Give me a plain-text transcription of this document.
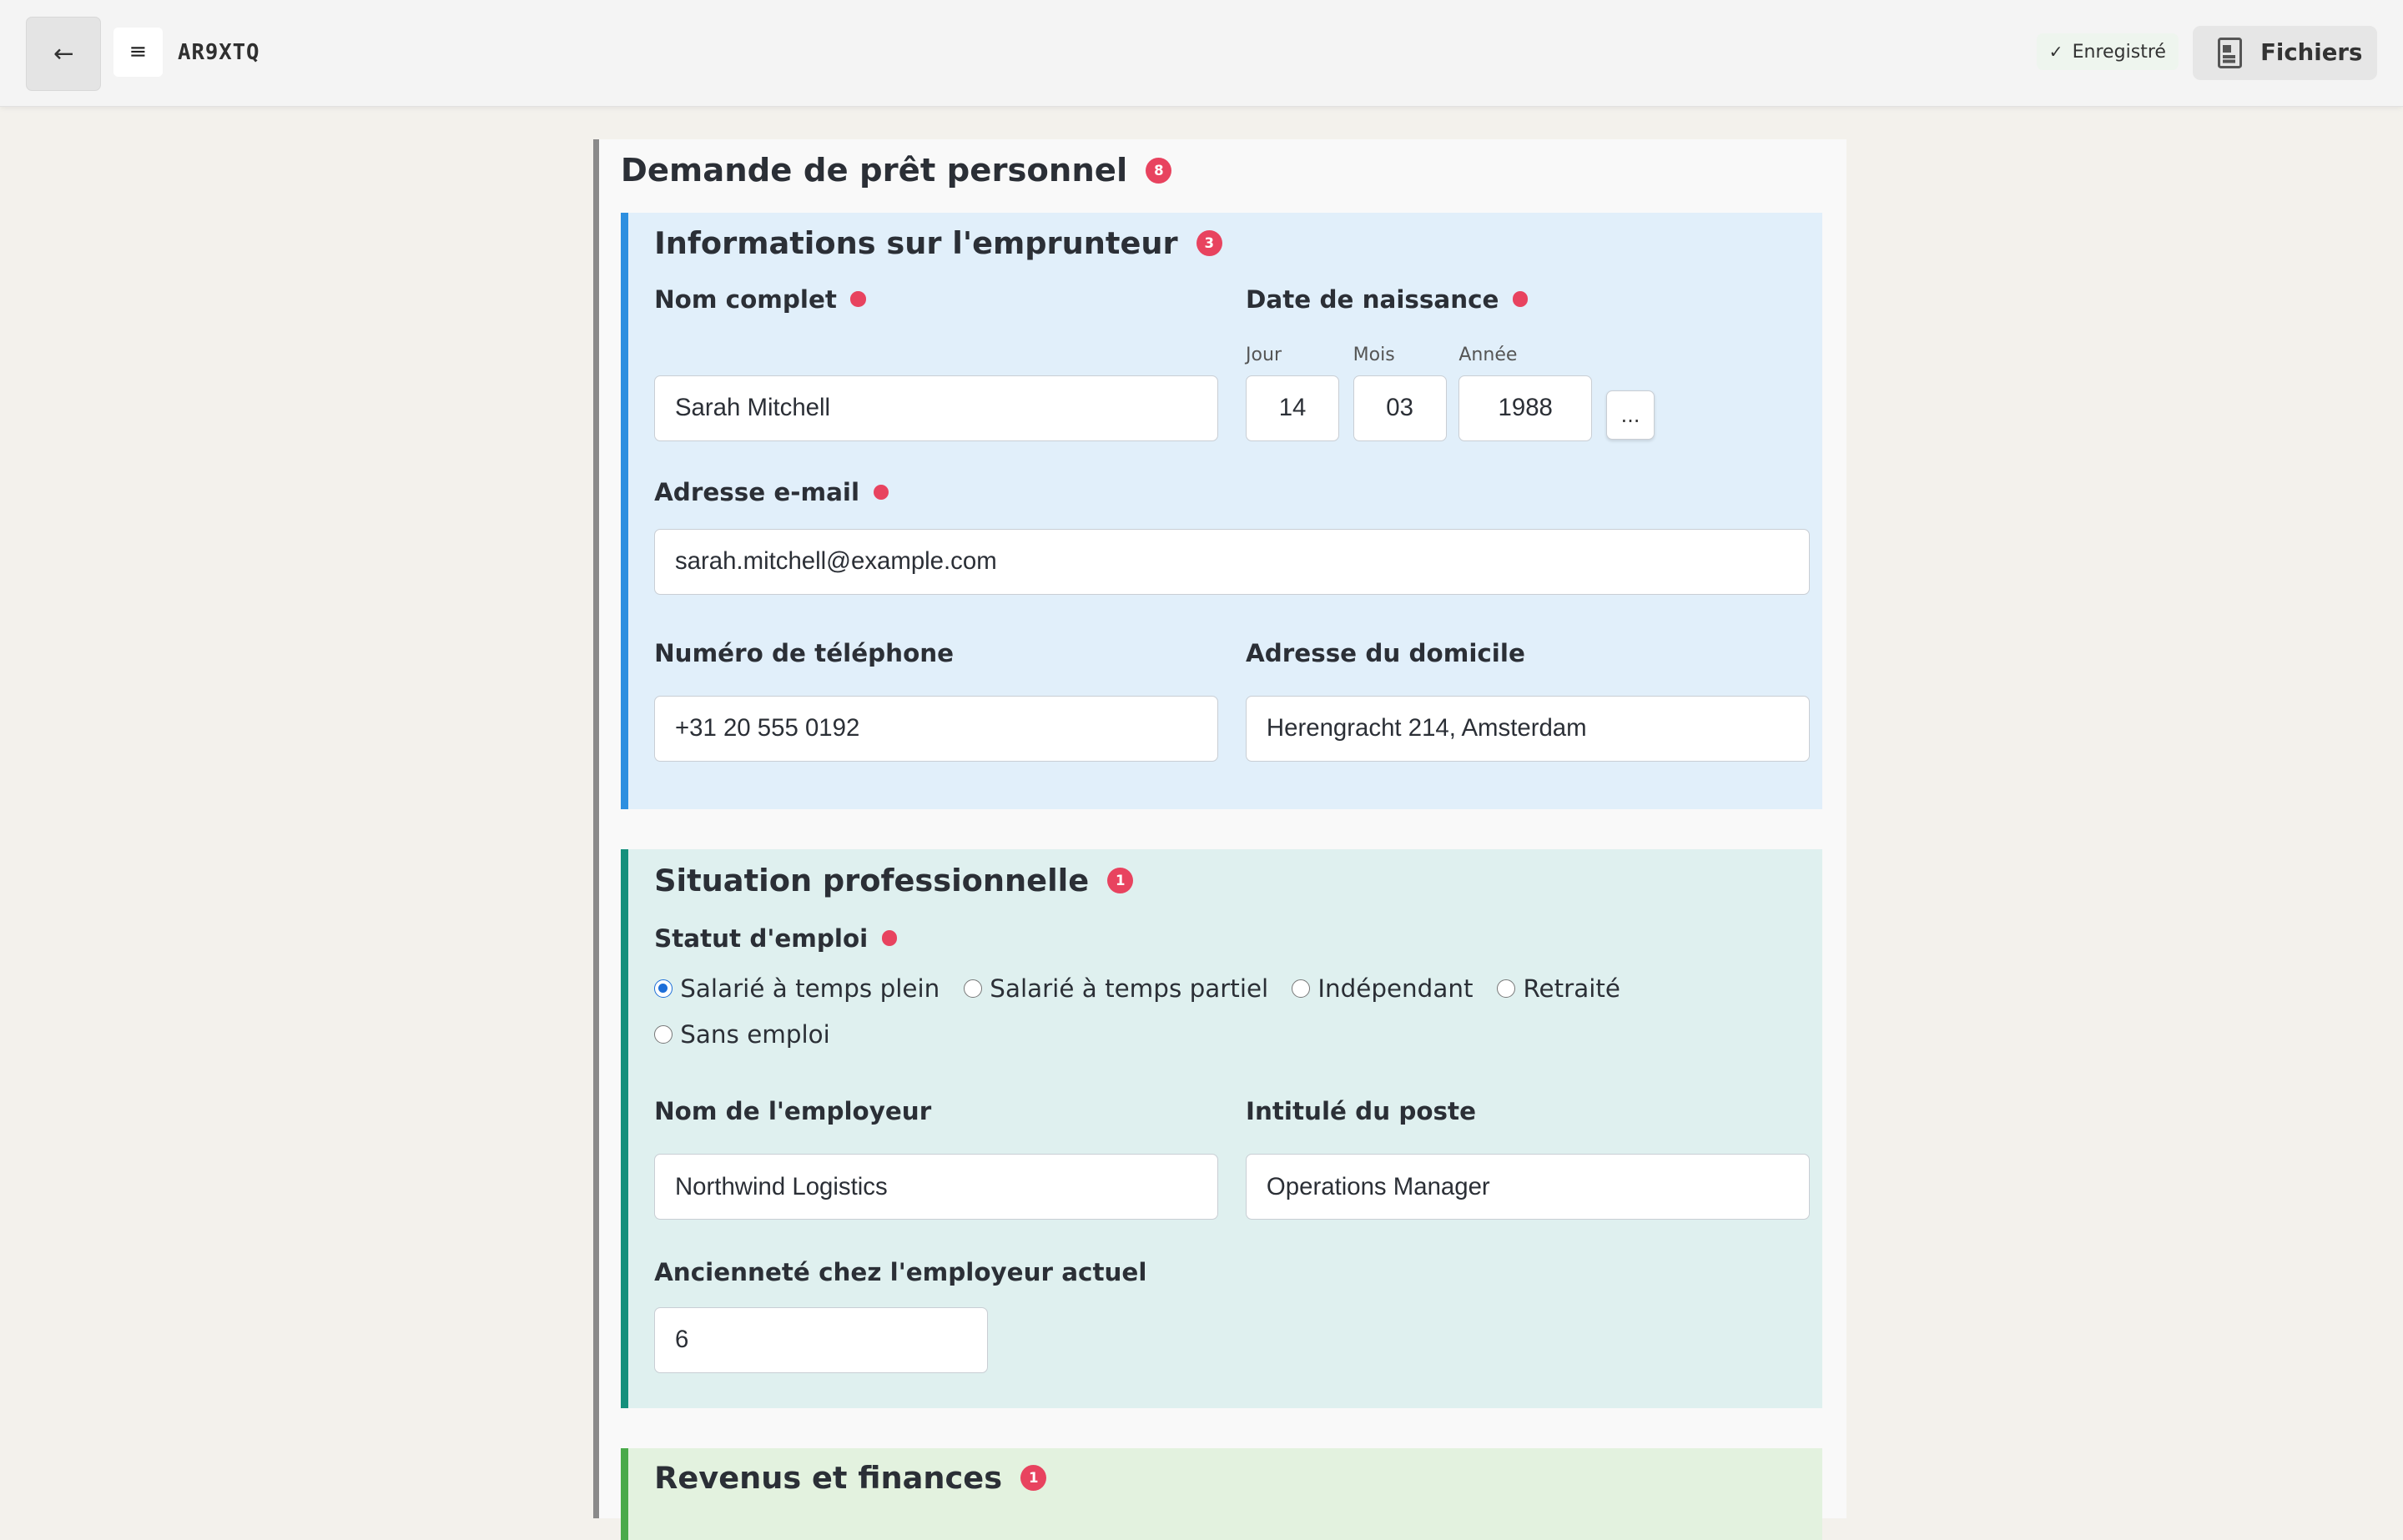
←	≡	AR9XTQ	✓ Enregistré	Fichiers
Demande de prêt personnel	8
Informations sur l'emprunteur	3
Nom complet
Sarah Mitchell
Date de naissance
Jour	Mois	Année
14	03	1988	...
Adresse e-mail
sarah.mitchell@example.com
Numéro de téléphone
+31 20 555 0192
Adresse du domicile
Herengracht 214, Amsterdam
Situation professionnelle	1
Statut d'emploi
Salarié à temps plein	Salarié à temps partiel	Indépendant	Retraité
Sans emploi
Nom de l'employeur
Northwind Logistics
Intitulé du poste
Operations Manager
Ancienneté chez l'employeur actuel
6
Revenus et finances	1
